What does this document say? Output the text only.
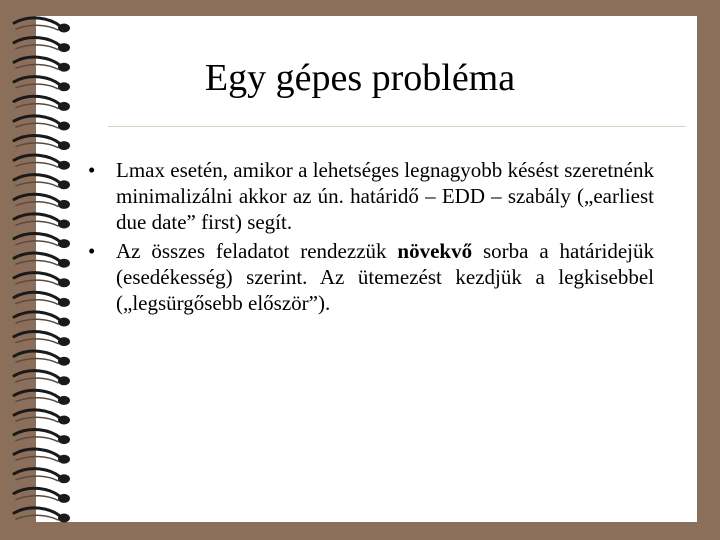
Egy gépes probléma
• Lmax esetén, amikor a lehetséges legnagyobb késést szeretnénk minimalizálni akkor az ún. határidő – EDD – szabály („earliest due date” first) segít.
• Az összes feladatot rendezzük növekvő sorba a határidejük (esedékesség) szerint. Az ütemezést kezdjük a legkisebbel („legsürgősebb először”).
